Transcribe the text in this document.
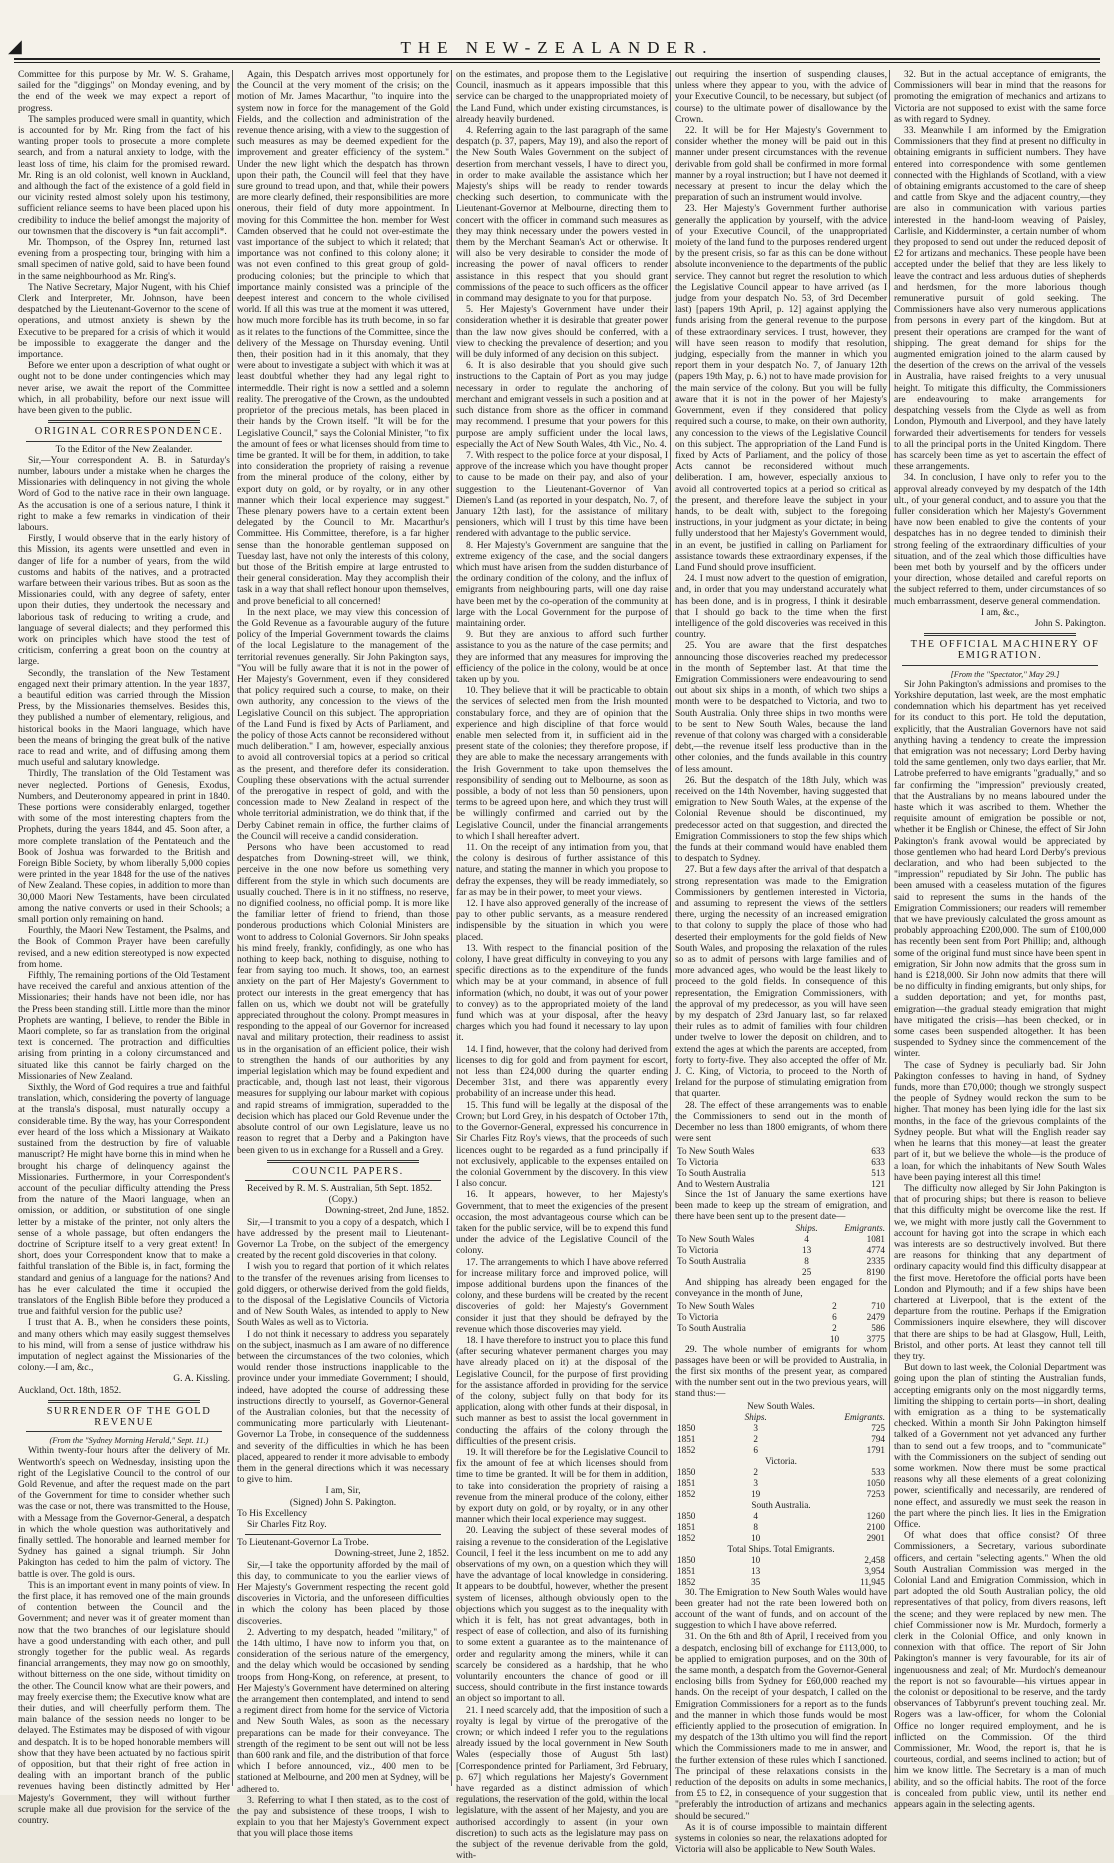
◢	THE NEW-ZEALANDER.

Committee for this purpose by Mr. W. S. Grahame, sailed for the "diggings" on Monday evening, and by the end of the week we may expect a report of progress.

The samples produced were small in quantity, which is accounted for by Mr. Ring from the fact of his wanting proper tools to prosecute a more complete search, and from a natural anxiety to lodge, with the least loss of time, his claim for the promised reward. Mr. Ring is an old colonist, well known in Auckland, and although the fact of the existence of a gold field in our vicinity rested almost solely upon his testimony, sufficient reliance seems to have been placed upon his credibility to induce the belief amongst the majority of our townsmen that the discovery is *un fait accompli*.

Mr. Thompson, of the Osprey Inn, returned last evening from a prospecting tour, bringing with him a small specimen of native gold, said to have been found in the same neighbourhood as Mr. Ring's.

The Native Secretary, Major Nugent, with his Chief Clerk and Interpreter, Mr. Johnson, have been despatched by the Lieutenant-Governor to the scene of operations, and utmost anxiety is shewn by the Executive to be prepared for a crisis of which it would be impossible to exaggerate the danger and the importance.

Before we enter upon a description of what ought or ought not to be done under contingencies which may never arise, we await the report of the Committee which, in all probability, before our next issue will have been given to the public.

ORIGINAL CORRESPONDENCE.

To the Editor of the New Zealander.

Sir,—Your correspondent A. B. in Saturday's number, labours under a mistake when he charges the Missionaries with delinquency in not giving the whole Word of God to the native race in their own language. As the accusation is one of a serious nature, I think it right to make a few remarks in vindication of their labours.

Firstly, I would observe that in the early history of this Mission, its agents were unsettled and even in danger of life for a number of years, from the wild customs and habits of the natives, and a protracted warfare between their various tribes. But as soon as the Missionaries could, with any degree of safety, enter upon their duties, they undertook the necessary and laborious task of reducing to writing a crude, and language of several dialects; and they performed this work on principles which have stood the test of criticism, conferring a great boon on the country at large.

Secondly, the translation of the New Testament engaged next their primary attention. In the year 1837, a beautiful edition was carried through the Mission Press, by the Missionaries themselves. Besides this, they published a number of elementary, religious, and historical books in the Maori language, which have been the means of bringing the great bulk of the native race to read and write, and of diffusing among them much useful and salutary knowledge.

Thirdly, The translation of the Old Testament was never neglected. Portions of Genesis, Exodus, Numbers, and Deuteronomy appeared in print in 1840. These portions were considerably enlarged, together with some of the most interesting chapters from the Prophets, during the years 1844, and 45. Soon after, a more complete translation of the Pentateuch and the Book of Joshua was forwarded to the British and Foreign Bible Society, by whom liberally 5,000 copies were printed in the year 1848 for the use of the natives of New Zealand. These copies, in addition to more than 30,000 Maori New Testaments, have been circulated among the native converts or used in their Schools; a small portion only remaining on hand.

Fourthly, the Maori New Testament, the Psalms, and the Book of Common Prayer have been carefully revised, and a new edition stereotyped is now expected from home.

Fifthly, The remaining portions of the Old Testament have received the careful and anxious attention of the Missionaries; their hands have not been idle, nor has the Press been standing still. Little more than the minor Prophets are wanting, I believe, to render the Bible in Maori complete, so far as translation from the original text is concerned. The protraction and difficulties arising from printing in a colony circumstanced and situated like this cannot be fairly charged on the Missionaries of New Zealand.

Sixthly, the Word of God requires a true and faithful translation, which, considering the poverty of language at the transla's disposal, must naturally occupy a considerable time. By the way, has your Correspondent ever heard of the loss which a Missionary at Waikato sustained from the destruction by fire of valuable manuscript? He might have borne this in mind when he brought his charge of delinquency against the Missionaries. Furthermore, in your Correspondent's account of the peculiar difficulty attending the Press from the nature of the Maori language, when an omission, or addition, or substitution of one single letter by a mistake of the printer, not only alters the sense of a whole passage, but often endangers the doctrine of Scripture itself to a very great extent! In short, does your Correspondent know that to make a faithful translation of the Bible is, in fact, forming the standard and genius of a language for the nations? And has he ever calculated the time it occupied the translators of the English Bible before they produced a true and faithful version for the public use?

I trust that A. B., when he considers these points, and many others which may easily suggest themselves to his mind, will from a sense of justice withdraw his imputation of neglect against the Missionaries of the colony.—I am, &c.,

G. A. Kissling.

Auckland, Oct. 18th, 1852.

SURRENDER OF THE GOLD REVENUE

(From the "Sydney Morning Herald," Sept. 11.)

Within twenty-four hours after the delivery of Mr. Wentworth's speech on Wednesday, insisting upon the right of the Legislative Council to the control of our Gold Revenue, and after the request made on the part of the Government for time to consider whether such was the case or not, there was transmitted to the House, with a Message from the Governor-General, a despatch in which the whole question was authoritatively and finally settled. The honorable and learned member for Sydney has gained a signal triumph. Sir John Pakington has ceded to him the palm of victory. The battle is over. The gold is ours.

This is an important event in many points of view. In the first place, it has removed one of the main grounds of contention between the Council and the Government; and never was it of greater moment than now that the two branches of our legislature should have a good understanding with each other, and pull strongly together for the public weal. As regards financial arrangements, they may now go on smoothly, without bitterness on the one side, without timidity on the other. The Council know what are their powers, and may freely exercise them; the Executive know what are their duties, and will cheerfully perform them. The main balance of the session needs no longer to be delayed. The Estimates may be disposed of with vigour and despatch. It is to be hoped honorable members will show that they have been actuated by no factious spirit of opposition, but that their right of free action in dealing with an important branch of the public revenues having been distinctly admitted by Her Majesty's Government, they will without further scruple make all due provision for the service of the country.

Again, this Despatch arrives most opportunely for the Council at the very moment of the crisis; on the motion of Mr. James Macarthur, "to inquire into the system now in force for the management of the Gold Fields, and the collection and administration of the revenue thence arising, with a view to the suggestion of such measures as may be deemed expedient for the improvement and greater efficiency of the system." Under the new light which the despatch has thrown upon their path, the Council will feel that they have sure ground to tread upon, and that, while their powers are more clearly defined, their responsibilities are more onerous, their field of duty more appointment. In moving for this Committee the hon. member for West Camden observed that he could not over-estimate the vast importance of the subject to which it related; that importance was not confined to this colony alone; it was not even confined to this great group of gold-producing colonies; but the principle to which that importance mainly consisted was a principle of the deepest interest and concern to the whole civilised world. If all this was true at the moment it was uttered, how much more forcible has its truth become, in so far as it relates to the functions of the Committee, since the delivery of the Message on Thursday evening. Until then, their position had in it this anomaly, that they were about to investigate a subject with which it was at least doubtful whether they had any legal right to intermeddle. Their right is now a settled and a solemn reality. The prerogative of the Crown, as the undoubted proprietor of the precious metals, has been placed in their hands by the Crown itself. "It will be for the Legislative Council," says the Colonial Minister, "to fix the amount of fees or what licenses should from time to time be granted. It will be for them, in addition, to take into consideration the propriety of raising a revenue from the mineral produce of the colony, either by export duty on gold, or by royalty, or in any other manner which their local experience may suggest." These plenary powers have to a certain extent been delegated by the Council to Mr. Macarthur's Committee. His Committee, therefore, is a far higher sense than the honorable gentleman supposed on Tuesday last, have not only the interests of this colony, but those of the British empire at large entrusted to their general consideration. May they accomplish their task in a way that shall reflect honour upon themselves, and prove beneficial to all concerned!

In the next place, we may view this concession of the Gold Revenue as a favourable augury of the future policy of the Imperial Government towards the claims of the local Legislature to the management of the territorial revenues generally. Sir John Pakington says, "You will be fully aware that it is not in the power of Her Majesty's Government, even if they considered that policy required such a course, to make, on their own authority, any concession to the views of the Legislative Council on this subject. The appropriation of the Land Fund is fixed by Acts of Parliament, and the policy of those Acts cannot be reconsidered without much deliberation." I am, however, especially anxious to avoid all controversial topics at a period so critical as the present, and therefore defer its consideration. Coupling these observations with the actual surrender of the prerogative in respect of gold, and with the concession made to New Zealand in respect of the whole territorial administration, we do think that, if the Derby Cabinet remain in office, the further claims of the Council will receive a candid consideration.

Persons who have been accustomed to read despatches from Downing-street will, we think, perceive in the one now before us something very different from the style in which such documents are usually couched. There is in it no stiffness, no reserve, no dignified coolness, no official pomp. It is more like the familiar letter of friend to friend, than those ponderous productions which Colonial Ministers are wont to address to Colonial Governors. Sir John speaks his mind freely, frankly, confidingly, as one who has nothing to keep back, nothing to disguise, nothing to fear from saying too much. It shows, too, an earnest anxiety on the part of Her Majesty's Government to protect our interests in the great emergency that has fallen on us, which we doubt not will be gratefully appreciated throughout the colony. Prompt measures in responding to the appeal of our Governor for increased naval and military protection, their readiness to assist us in the organisation of an efficient police, their wish to strengthen the hands of our authorities by any imperial legislation which may be found expedient and practicable, and, though last not least, their vigorous measures for supplying our labour market with copious and rapid streams of immigration, superadded to the decision which has placed our Gold Revenue under the absolute control of our own Legislature, leave us no reason to regret that a Derby and a Pakington have been given to us in exchange for a Russell and a Grey.

COUNCIL PAPERS.

Received by R. M. S. Australian, 5th Sept. 1852.

(Copy.)

Downing-street, 2nd June, 1852.

Sir,—I transmit to you a copy of a despatch, which I have addressed by the present mail to Lieutenant-Governor La Trobe, on the subject of the emergency created by the recent gold discoveries in that colony.

I wish you to regard that portion of it which relates to the transfer of the revenues arising from licenses to gold diggers, or otherwise derived from the gold fields, to the disposal of the Legislative Councils of Victoria and of New South Wales, as intended to apply to New South Wales as well as to Victoria.

I do not think it necessary to address you separately on the subject, inasmuch as I am aware of no difference between the circumstances of the two colonies, which would render those instructions inapplicable to the province under your immediate Government; I should, indeed, have adopted the course of addressing these instructions directly to yourself, as Governor-General of the Australian colonies, but that the necessity of communicating more particularly with Lieutenant-Governor La Trobe, in consequence of the suddenness and severity of the difficulties in which he has been placed, appeared to render it more advisable to embody them in the general directions which it was necessary to give to him.

I am, Sir,

(Signed) John S. Pakington.

To His Excellency

Sir Charles Fitz Roy.

To Lieutenant-Governor La Trobe.

Downing-street, June 2, 1852.

Sir,—I take the opportunity afforded by the mail of this day, to communicate to you the earlier views of Her Majesty's Government respecting the recent gold discoveries in Victoria, and the unforeseen difficulties in which the colony has been placed by those discoveries.

2. Adverting to my despatch, headed "military," of the 14th ultimo, I have now to inform you that, on consideration of the serious nature of the emergency, and the delay which would be occasioned by sending troops from Hong-Kong, on reference, at present, to Her Majesty's Government have determined on altering the arrangement then contemplated, and intend to send a regiment direct from home for the service of Victoria and New South Wales, as soon as the necessary preparations can be made for their conveyance. The strength of the regiment to be sent out will not be less than 600 rank and file, and the distribution of that force which I before announced, viz., 400 men to be stationed at Melbourne, and 200 men at Sydney, will be adhered to.

3. Referring to what I then stated, as to the cost of the pay and subsistence of these troops, I wish to explain to you that her Majesty's Government expect that you will place those items

on the estimates, and propose them to the Legislative Council, inasmuch as it appears impossible that this service can be charged to the unappropriated moiety of the Land Fund, which under existing circumstances, is already heavily burdened.

4. Referring again to the last paragraph of the same despatch (p. 37, papers, May 19), and also the report of the New South Wales Government on the subject of desertion from merchant vessels, I have to direct you, in order to make available the assistance which her Majesty's ships will be ready to render towards checking such desertion, to communicate with the Lieutenant-Governor at Melbourne, directing them to concert with the officer in command such measures as they may think necessary under the powers vested in them by the Merchant Seaman's Act or otherwise. It will also be very desirable to consider the mode of increasing the power of naval officers to render assistance in this respect that you should grant commissions of the peace to such officers as the officer in command may designate to you for that purpose.

5. Her Majesty's Government have under their consideration whether it is desirable that greater power than the law now gives should be conferred, with a view to checking the prevalence of desertion; and you will be duly informed of any decision on this subject.

6. It is also desirable that you should give such instructions to the Captain of Port as you may judge necessary in order to regulate the anchoring of merchant and emigrant vessels in such a position and at such distance from shore as the officer in command may recommend. I presume that your powers for this purpose are amply sufficient under the local laws, especially the Act of New South Wales, 4th Vic., No. 4.

7. With respect to the police force at your disposal, I approve of the increase which you have thought proper to cause to be made on their pay, and also of your suggestion to the Lieutenant-Governor of Van Diemen's Land (as reported in your despatch, No. 7, of January 12th last), for the assistance of military pensioners, which will I trust by this time have been rendered with advantage to the public service.

8. Her Majesty's Government are sanguine that the extreme exigency of the case, and the social dangers which must have arisen from the sudden disturbance of the ordinary condition of the colony, and the influx of emigrants from neighbouring parts, will one day raise have been met by the co-operation of the community at large with the Local Government for the purpose of maintaining order.

9. But they are anxious to afford such further assistance to you as the nature of the case permits; and they are informed that any measures for improving the efficiency of the police in the colony, would be at once taken up by you.

10. They believe that it will be practicable to obtain the services of selected men from the Irish mounted constabulary force, and they are of opinion that the experience and high discipline of that force would enable men selected from it, in sufficient aid in the present state of the colonies; they therefore propose, if they are able to make the necessary arrangements with the Irish Government to take upon themselves the responsibility of sending out to Melbourne, as soon as possible, a body of not less than 50 pensioners, upon terms to be agreed upon here, and which they trust will be willingly confirmed and carried out by the Legislative Council, under the financial arrangements to which I shall hereafter advert.

11. On the receipt of any intimation from you, that the colony is desirous of further assistance of this nature, and stating the manner in which you propose to defray the expenses, they will be ready immediately, so far as may be in their power, to meet your views.

12. I have also approved generally of the increase of pay to other public servants, as a measure rendered indispensible by the situation in which you were placed.

13. With respect to the financial position of the colony, I have great difficulty in conveying to you any specific directions as to the expenditure of the funds which may be at your command, in absence of full information (which, no doubt, it was out of your power to convey) as to the appropriated moiety of the land fund which was at your disposal, after the heavy charges which you had found it necessary to lay upon it.

14. I find, however, that the colony had derived from licenses to dig for gold and from payment for escort, not less than £24,000 during the quarter ending December 31st, and there was apparently every probability of an increase under this head.

15. This fund will be legally at the disposal of the Crown; but Lord Grey, in his despatch of October 17th, to the Governor-General, expressed his concurrence in Sir Charles Fitz Roy's views, that the proceeds of such licences ought to be regarded as a fund principally if not exclusively, applicable to the expenses entailed on the colonial Government by the discovery. In this view I also concur.

16. It appears, however, to her Majesty's Government, that to meet the exigencies of the present occasion, the most advantageous course which can be taken for the public service, will be to expend this fund under the advice of the Legislative Council of the colony.

17. The arrangements to which I have above referred for increase military force and improved police, will impose additional burdens upon the finances of the colony, and these burdens will be created by the recent discoveries of gold: her Majesty's Government consider it just that they should be defrayed by the revenue which those discoveries may yield.

18. I have therefore to instruct you to place this fund (after securing whatever permanent charges you may have already placed on it) at the disposal of the Legislative Council, for the purpose of first providing for the assistance afforded in providing for the service of the colony, subject fully on that body for its application, along with other funds at their disposal, in such manner as best to assist the local government in conducting the affairs of the colony through the difficulties of the present crisis.

19. It will therefore be for the Legislative Council to fix the amount of fee at which licenses should from time to time be granted. It will be for them in addition, to take into consideration the propriety of raising a revenue from the mineral produce of the colony, either by export duty on gold, or by royalty, or in any other manner which their local experience may suggest.

20. Leaving the subject of these several modes of raising a revenue to the consideration of the Legislative Council, I feel it the less incumbent on me to add any observations of my own, on a question which they will have the advantage of local knowledge in considering. It appears to be doubtful, however, whether the present system of licenses, although obviously open to the objections which you suggest as to the inequality with which it is felt, has not great advantages, both in respect of ease of collection, and also of its furnishing to some extent a guarantee as to the maintenance of order and regularity among the miners, while it can scarcely be considered as a hardship, that he who voluntarily encounters the chance of good or ill success, should contribute in the first instance towards an object so important to all.

21. I need scarcely add, that the imposition of such a royalty is legal by virtue of the prerogative of the crown; or which indeed I refer you to the regulations already issued by the local government in New South Wales (especially those of August 5th last) [Correspondence printed for Parliament, 3rd February, p. 67] which regulations her Majesty's Government have regarded as a distinct admission of which regulations, the reservation of the gold, within the local legislature, with the assent of her Majesty, and you are authorised accordingly to assent (in your own discretion) to such acts as the legislature may pass on the subject of the revenue derivable from the gold, with-

out requiring the insertion of suspending clauses, unless where they appear to you, with the advice of your Executive Council, to be necessary, but subject (of course) to the ultimate power of disallowance by the Crown.

22. It will be for Her Majesty's Government to consider whether the money will be paid out in this manner under present circumstances with the revenue derivable from gold shall be confirmed in more formal manner by a royal instruction; but I have not deemed it necessary at present to incur the delay which the preparation of such an instrument would involve.

23. Her Majesty's Government further authorise generally the application by yourself, with the advice of your Executive Council, of the unappropriated moiety of the land fund to the purposes rendered urgent by the present crisis, so far as this can be done without absolute inconvenience to the departments of the public service. They cannot but regret the resolution to which the Legislative Council appear to have arrived (as I judge from your despatch No. 53, of 3rd December last) [papers 19th April, p. 12] against applying the funds arising from the general revenue to the purpose of these extraordinary services. I trust, however, they will have seen reason to modify that resolution, judging, especially from the manner in which you report them in your despatch No. 7, of January 12th (papers 19th May, p. 6.) not to have made provision for the main service of the colony. But you will be fully aware that it is not in the power of her Majesty's Government, even if they considered that policy required such a course, to make, on their own authority, any concession to the views of the Legislative Council on this subject. The appropriation of the Land Fund is fixed by Acts of Parliament, and the policy of those Acts cannot be reconsidered without much deliberation. I am, however, especially anxious to avoid all controverted topics at a period so critical as the present, and therefore leave the subject in your hands, to be dealt with, subject to the foregoing instructions, in your judgment as your dictate; in being fully understood that her Majesty's Government would, in an event, be justified in calling on Parliament for assistance towards these extraordinary expenses, if the Land Fund should prove insufficient.

24. I must now advert to the question of emigration, and, in order that you may understand accurately what has been done, and is in progress, I think it desirable that I should go back to the time when the first intelligence of the gold discoveries was received in this country.

25. You are aware that the first despatches announcing those discoveries reached my predecessor in the month of September last. At that time the Emigration Commissioners were endeavouring to send out about six ships in a month, of which two ships a month were to be despatched to Victoria, and two to South Australia. Only three ships in two months were to be sent to New South Wales, because the land revenue of that colony was charged with a considerable debt,—the revenue itself less productive than in the other colonies, and the funds available in this country of less amount.

26. But the despatch of the 18th July, which was received on the 14th November, having suggested that emigration to New South Wales, at the expense of the Colonial Revenue should be discontinued, my predecessor acted on that suggestion, and directed the Emigration Commissioners to stop the few ships which the funds at their command would have enabled them to despatch to Sydney.

27. But a few days after the arrival of that despatch a strong representation was made to the Emigration Commissioners by gentlemen interested in Victoria, and assuming to represent the views of the settlers there, urging the necessity of an increased emigration to that colony to supply the place of those who had deserted their employments for the gold fields of New South Wales, and proposing the relaxation of the rules so as to admit of persons with large families and of more advanced ages, who would be the least likely to proceed to the gold fields. In consequence of this representation, the Emigration Commissioners, with the approval of my predecessor, as you will have seen by my despatch of 23rd January last, so far relaxed their rules as to admit of families with four children under twelve to lower the deposit on children, and to extend the ages at which the parents are accepted, from forty to forty-five. They also accepted the offer of Mr. J. C. King, of Victoria, to proceed to the North of Ireland for the purpose of stimulating emigration from that quarter.

28. The effect of these arrangements was to enable the Commissioners to send out in the month of December no less than 1800 emigrants, of whom there were sent

To New South Wales	633
To Victoria	633
To South Australia	513
And to Western Australia	121

Since the 1st of January the same exertions have been made to keep up the stream of emigration, and there have been sent up to the present date—

	Ships.	Emigrants.
To New South Wales	4	1081
To Victoria	13	4774
To South Australia	8	2335
	25	8190

And shipping has already been engaged for the conveyance in the month of June,

To New South Wales	2	710
To Victoria	6	2479
To South Australia	2	586
	10	3775

29. The whole number of emigrants for whom passages have been or will be provided to Australia, in the first six months of the present year, as compared with the number sent out in the two previous years, will stand thus:—

New South Wales.		
	Ships.	Emigrants.
1850	3	725
1851	2	794
1852	6	1791
Victoria.		
1850	2	533
1851	3	1050
1852	19	7253
South Australia.		
1850	4	1260
1851	8	2100
1852	10	2901
Total Ships. Total Emigrants.		
1850	10	2,458
1851	13	3,954
1852	35	11,945

30. The Emigration to New South Wales would have been greater had not the rate been lowered both on account of the want of funds, and on account of the suggestion to which I have above referred.

31. On the 6th and 8th of April, I received from you a despatch, enclosing bill of exchange for £113,000, to be applied to emigration purposes, and on the 30th of the same month, a despatch from the Governor-General enclosing bills from Sydney for £60,000 reached my hands. On the receipt of your despatch, I called on the Emigration Commissioners for a report as to the funds and the manner in which those funds would be most efficiently applied to the prosecution of emigration. In my despatch of the 13th ultimo you will find the report which the Commissioners made to me in answer, and the further extension of these rules which I sanctioned. The principal of these relaxations consists in the reduction of the deposits on adults in some mechanics, from £5 to £2, in consequence of your suggestion that "preferably the introduction of artizans and mechanics should be secured."

As it is of course impossible to maintain different systems in colonies so near, the relaxations adopted for Victoria will also be applicable to New South Wales.

32. But in the actual acceptance of emigrants, the Commissioners will bear in mind that the reasons for promoting the emigration of mechanics and artizans to Victoria are not supposed to exist with the same force as with regard to Sydney.

33. Meanwhile I am informed by the Emigration Commissioners that they find at present no difficulty in obtaining emigrants in sufficient numbers. They have entered into correspondence with some gentlemen connected with the Highlands of Scotland, with a view of obtaining emigrants accustomed to the care of sheep and cattle from Skye and the adjacent country,—they are also in communication with various parties interested in the hand-loom weaving of Paisley, Carlisle, and Kidderminster, a certain number of whom they proposed to send out under the reduced deposit of £2 for artizans and mechanics. These people have been accepted under the belief that they are less likely to leave the contract and less arduous duties of shepherds and herdsmen, for the more laborious though remunerative pursuit of gold seeking. The Commissioners have also very numerous applications from persons in every part of the kingdom. But at present their operations are cramped for the want of shipping. The great demand for ships for the augmented emigration joined to the alarm caused by the desertion of the crews on the arrival of the vessels in Australia, have raised freights to a very unusual height. To mitigate this difficulty, the Commissioners are endeavouring to make arrangements for despatching vessels from the Clyde as well as from London, Plymouth and Liverpool, and they have lately forwarded their advertisements for tenders for vessels to all the principal ports in the United Kingdom. There has scarcely been time as yet to ascertain the effect of these arrangements.

34. In conclusion, I have only to refer you to the approval already conveyed by my despatch of the 14th ult., of your general conduct, and to assure you that the fuller consideration which her Majesty's Government have now been enabled to give the contents of your despatches has in no degree tended to diminish their strong feeling of the extraordinary difficulties of your situation, and of the zeal which those difficulties have been met both by yourself and by the officers under your direction, whose detailed and careful reports on the subject referred to them, under circumstances of so much embarrassment, deserve general commendation.

I am, &c.,

John S. Pakington.

THE OFFICIAL MACHINERY OF EMIGRATION.

[From the "Spectator," May 29.]

Sir John Pakington's admissions and promises to the Yorkshire deputation, last week, are the most emphatic condemnation which his department has yet received for its conduct to this port. He told the deputation, explicitly, that the Australian Governors have not said anything having a tendency to create the impression that emigration was not necessary; Lord Derby having told the same gentlemen, only two days earlier, that Mr. Latrobe preferred to have emigrants "gradually," and so far confirming the "impression" previously created, that the Australians by no means laboured under the haste which it was ascribed to them. Whether the requisite amount of emigration be possible or not, whether it be English or Chinese, the effect of Sir John Pakington's frank avowal would be appreciated by those gentlemen who had heard Lord Derby's previous declaration, and who had been subjected to the "impression" repudiated by Sir John. The public has been amused with a ceaseless mutation of the figures said to represent the sums in the hands of the Emigration Commissioners; our readers will remember that we have previously calculated the gross amount as probably approaching £200,000. The sum of £100,000 has recently been sent from Port Phillip; and, although some of the original fund must since have been spent in emigration, Sir John now admits that the gross sum in hand is £218,000. Sir John now admits that there will be no difficulty in finding emigrants, but only ships, for a sudden deportation; and yet, for months past, emigration—the gradual steady emigration that might have mitigated the crisis—has been checked, or in some cases been suspended altogether. It has been suspended to Sydney since the commencement of the winter.

The case of Sydney is peculiarly bad. Sir John Pakington confesses to having in hand, of Sydney funds, more than £70,000; though we strongly suspect the people of Sydney would reckon the sum to be higher. That money has been lying idle for the last six months, in the face of the grievous complaints of the Sydney people. But what will the English reader say when he learns that this money—at least the greater part of it, but we believe the whole—is the produce of a loan, for which the inhabitants of New South Wales have been paying interest all this time!

The difficulty now alleged by Sir John Pakington is that of procuring ships; but there is reason to believe that this difficulty might be overcome like the rest. If we, we might with more justly call the Government to account for having got into the scrape in which each was interests are so destructively involved. But there are reasons for thinking that any department of ordinary capacity would find this difficulty disappear at the first move. Heretofore the official ports have been London and Plymouth; and if a few ships have been chartered at Liverpool, that is the extent of the departure from the routine. Perhaps if the Emigration Commissioners inquire elsewhere, they will discover that there are ships to be had at Glasgow, Hull, Leith, Bristol, and other ports. At least they cannot tell till they try.

But down to last week, the Colonial Department was going upon the plan of stinting the Australian funds, accepting emigrants only on the most niggardly terms, limiting the shipping to certain ports—in short, dealing with emigration as a thing to be systematically checked. Within a month Sir John Pakington himself talked of a Government not yet advanced any further than to send out a few troops, and to "communicate" with the Commissioners on the subject of sending out some workmen. Now there must be some practical reasons why all these elements of a great colonizing power, scientifically and necessarily, are rendered of none effect, and assuredly we must seek the reason in the part where the pinch lies. It lies in the Emigration Office.

Of what does that office consist? Of three Commissioners, a Secretary, various subordinate officers, and certain "selecting agents." When the old South Australian Commission was merged in the Colonial Land and Emigration Commission, which in part adopted the old South Australian policy, the old representatives of that policy, from divers reasons, left the scene; and they were replaced by new men. The chief Commissioner now is Mr. Murdoch, formerly a clerk in the Colonial Office, and only known in connexion with that office. The report of Sir John Pakington's manner is very favourable, for its air of ingenuousness and zeal; of Mr. Murdoch's demeanour the report is not so favourable—his virtues appear in the colonist or depositional to be reserve, and the tardy observances of Tabbyrunt's prevent touching zeal. Mr. Rogers was a law-officer, for whom the Colonial Office no longer required employment, and he is inflicted on the Commission. Of the third Commissioner, Mr. Wood, the report is, that he is courteous, cordial, and seems inclined to action; but of him we know little. The Secretary is a man of much ability, and so the official habits. The root of the force is concealed from public view, until its nether end appears again in the selecting agents.
